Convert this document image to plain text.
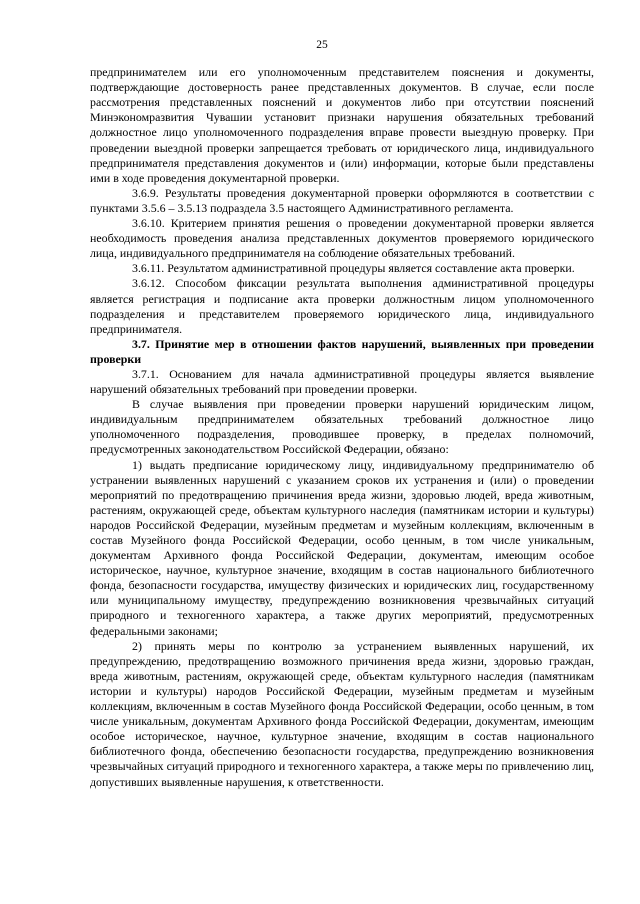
25

предпринимателем или его уполномоченным представителем пояснения и документы, подтверждающие достоверность ранее представленных документов. В случае, если после рассмотрения представленных пояснений и документов либо при отсутствии пояснений Минэкономразвития Чувашии установит признаки нарушения обязательных требований должностное лицо уполномоченного подразделения вправе провести выездную проверку. При проведении выездной проверки запрещается требовать от юридического лица, индивидуального предпринимателя представления документов и (или) информации, которые были представлены ими в ходе проведения документарной проверки.

3.6.9. Результаты проведения документарной проверки оформляются в соответствии с пунктами 3.5.6 – 3.5.13 подраздела 3.5 настоящего Административного регламента.

3.6.10. Критерием принятия решения о проведении документарной проверки является необходимость проведения анализа представленных документов проверяемого юридического лица, индивидуального предпринимателя на соблюдение обязательных требований.

3.6.11. Результатом административной процедуры является составление акта проверки.

3.6.12. Способом фиксации результата выполнения административной процедуры является регистрация и подписание акта проверки должностным лицом уполномоченного подразделения и представителем проверяемого юридического лица, индивидуального предпринимателя.

3.7. Принятие мер в отношении фактов нарушений, выявленных при проведении проверки

3.7.1. Основанием для начала административной процедуры является выявление нарушений обязательных требований при проведении проверки.

В случае выявления при проведении проверки нарушений юридическим лицом, индивидуальным предпринимателем обязательных требований должностное лицо уполномоченного подразделения, проводившее проверку, в пределах полномочий, предусмотренных законодательством Российской Федерации, обязано:

1) выдать предписание юридическому лицу, индивидуальному предпринимателю об устранении выявленных нарушений с указанием сроков их устранения и (или) о проведении мероприятий по предотвращению причинения вреда жизни, здоровью людей, вреда животным, растениям, окружающей среде, объектам культурного наследия (памятникам истории и культуры) народов Российской Федерации, музейным предметам и музейным коллекциям, включенным в состав Музейного фонда Российской Федерации, особо ценным, в том числе уникальным, документам Архивного фонда Российской Федерации, документам, имеющим особое историческое, научное, культурное значение, входящим в состав национального библиотечного фонда, безопасности государства, имуществу физических и юридических лиц, государственному или муниципальному имуществу, предупреждению возникновения чрезвычайных ситуаций природного и техногенного характера, а также других мероприятий, предусмотренных федеральными законами;

2) принять меры по контролю за устранением выявленных нарушений, их предупреждению, предотвращению возможного причинения вреда жизни, здоровью граждан, вреда животным, растениям, окружающей среде, объектам культурного наследия (памятникам истории и культуры) народов Российской Федерации, музейным предметам и музейным коллекциям, включенным в состав Музейного фонда Российской Федерации, особо ценным, в том числе уникальным, документам Архивного фонда Российской Федерации, документам, имеющим особое историческое, научное, культурное значение, входящим в состав национального библиотечного фонда, обеспечению безопасности государства, предупреждению возникновения чрезвычайных ситуаций природного и техногенного характера, а также меры по привлечению лиц, допустивших выявленные нарушения, к ответственности.
